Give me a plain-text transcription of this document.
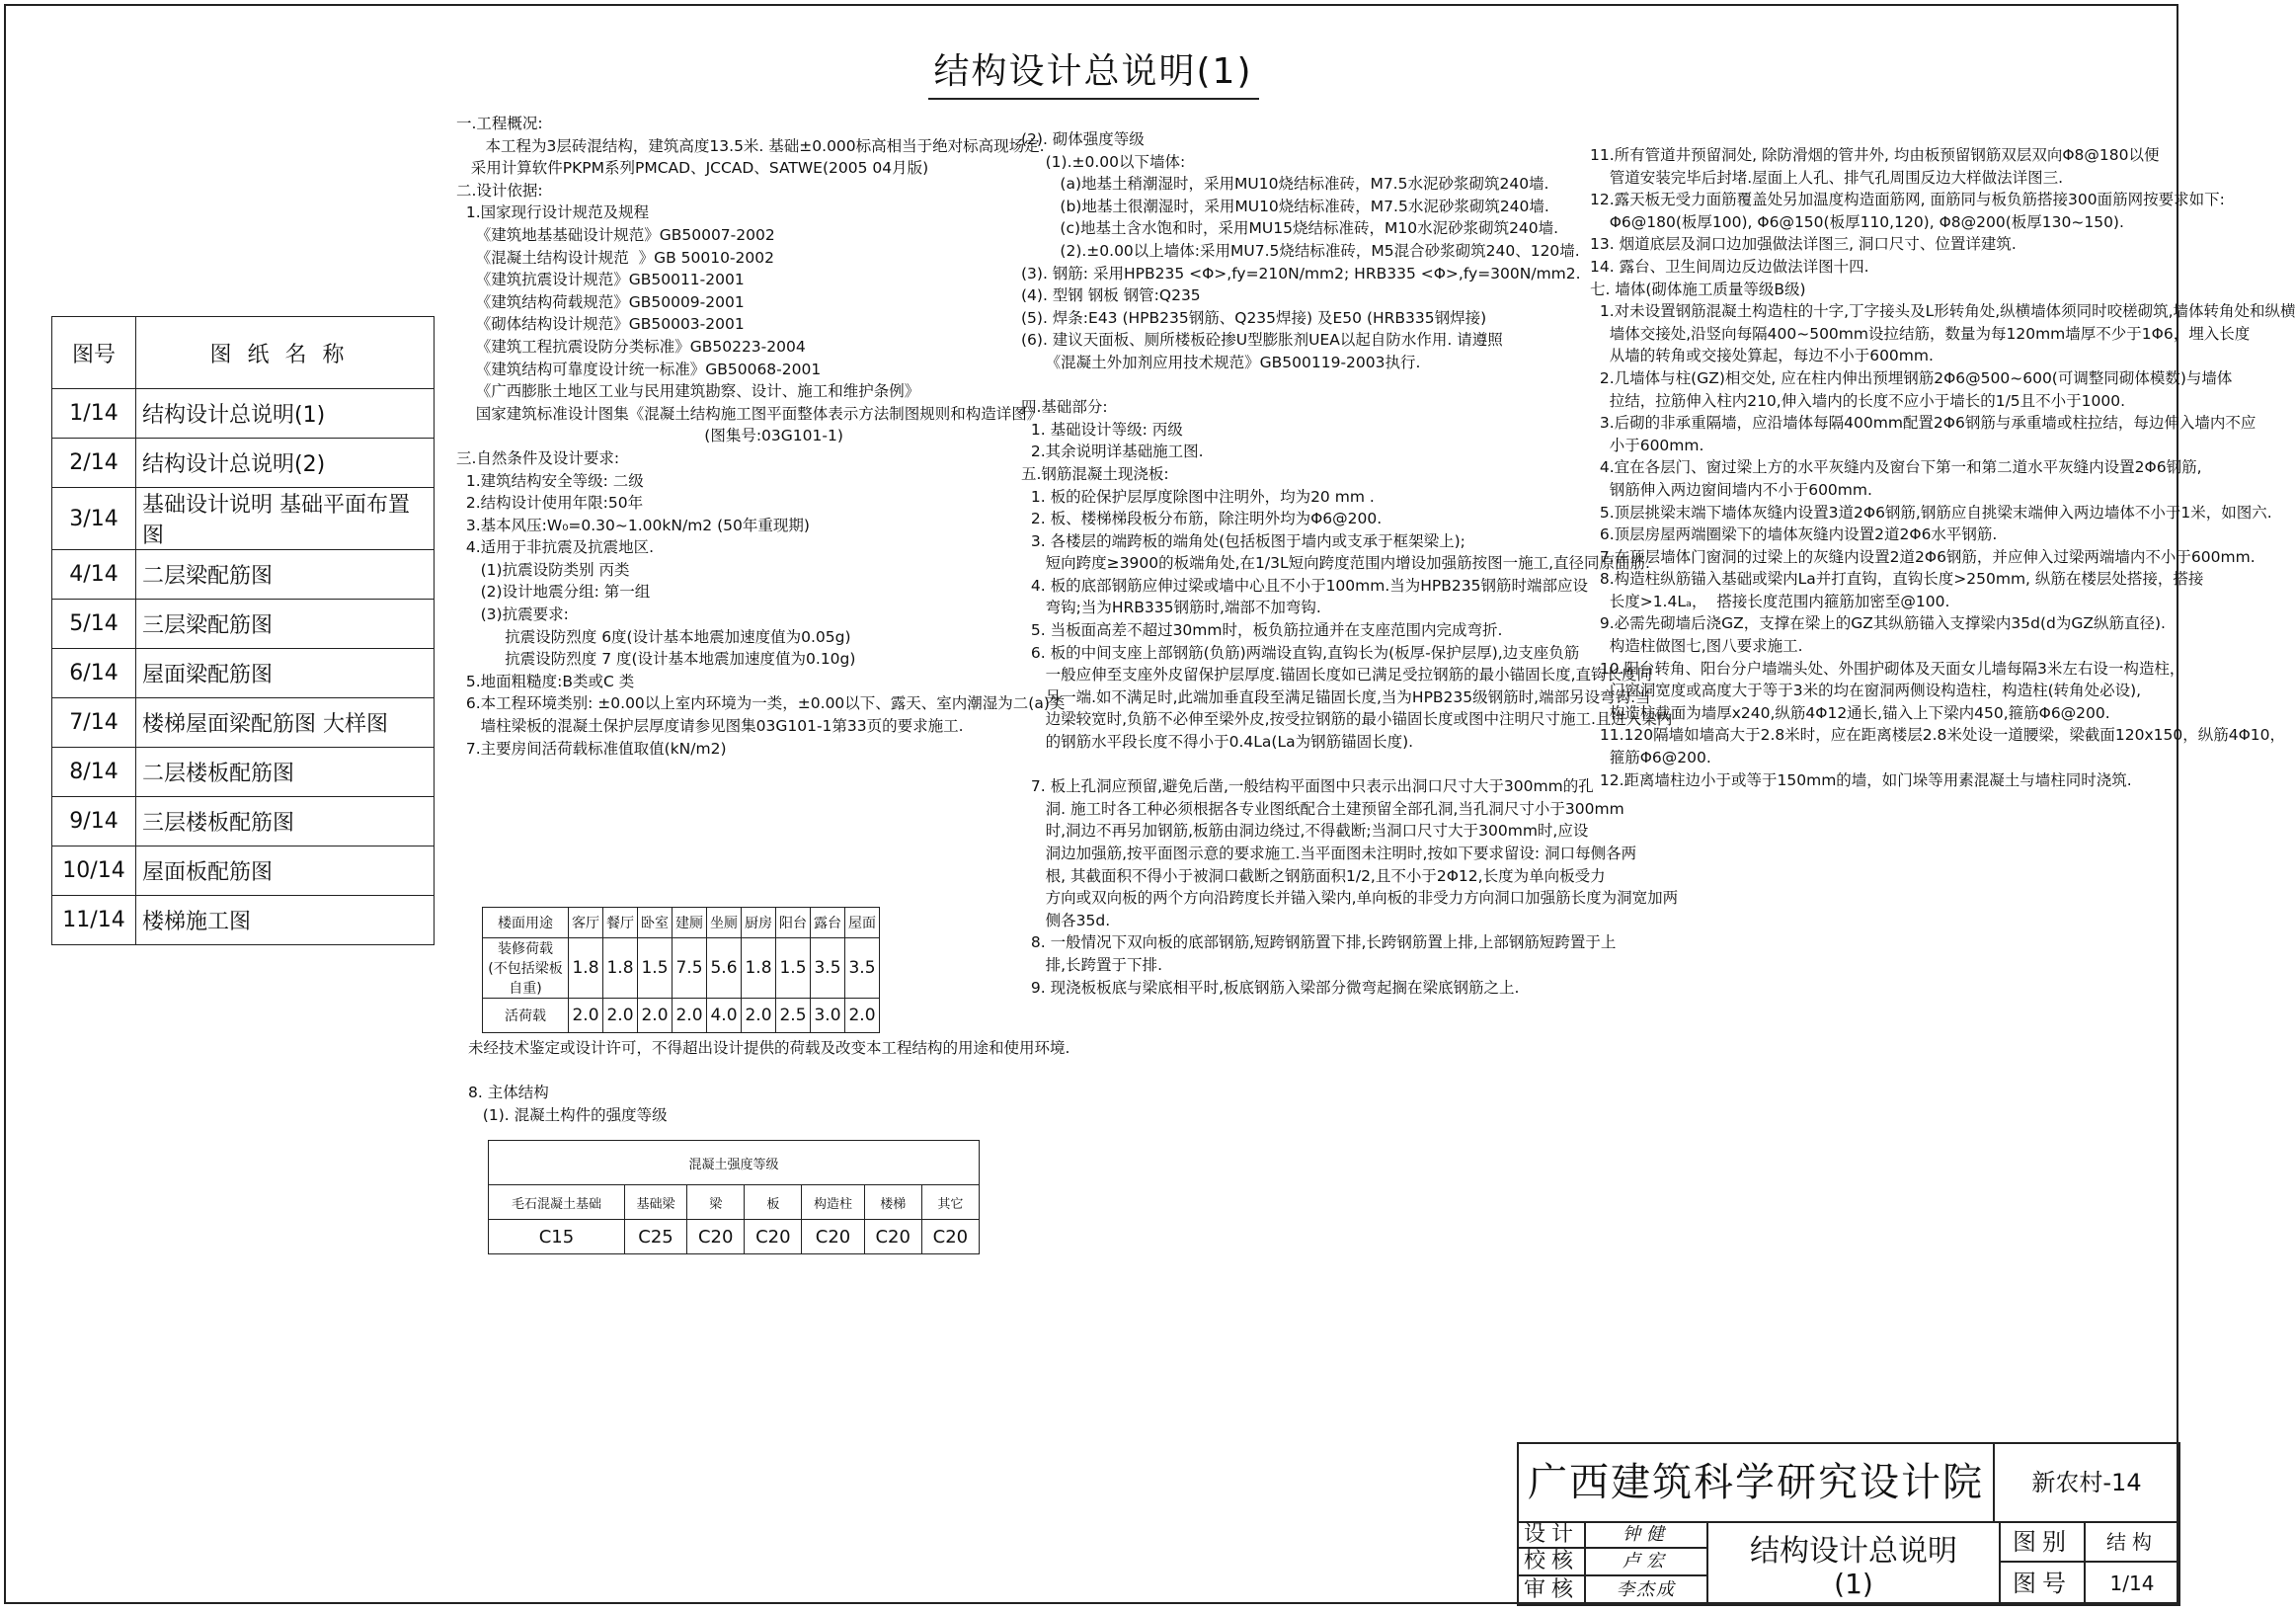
结构设计总说明(1)
图号	图纸名称
1/14	结构设计总说明(1)
2/14	结构设计总说明(2)
3/14	基础设计说明 基础平面布置图
4/14	二层梁配筋图
5/14	三层梁配筋图
6/14	屋面梁配筋图
7/14	楼梯屋面梁配筋图 大样图
8/14	二层楼板配筋图
9/14	三层楼板配筋图
10/14	屋面板配筋图
11/14	楼梯施工图
一.工程概况:
本工程为3层砖混结构，建筑高度13.5米. 基础±0.000标高相当于绝对标高现场定.
采用计算软件PKPM系列PMCAD、JCCAD、SATWE(2005 04月版)
二.设计依据:
1.国家现行设计规范及规程
《建筑地基基础设计规范》GB50007-2002
《混凝土结构设计规范  》GB 50010-2002
《建筑抗震设计规范》GB50011-2001
《建筑结构荷载规范》GB50009-2001
《砌体结构设计规范》GB50003-2001
《建筑工程抗震设防分类标准》GB50223-2004
《建筑结构可靠度设计统一标准》GB50068-2001
《广西膨胀土地区工业与民用建筑勘察、设计、施工和维护条例》
国家建筑标准设计图集《混凝土结构施工图平面整体表示方法制图规则和构造详图》
(图集号:03G101-1)
三.自然条件及设计要求:
1.建筑结构安全等级: 二级
2.结构设计使用年限:50年
3.基本风压:W₀=0.30~1.00kN/m2 (50年重现期)
4.适用于非抗震及抗震地区.
(1)抗震设防类别 丙类
(2)设计地震分组: 第一组
(3)抗震要求:
抗震设防烈度 6度(设计基本地震加速度值为0.05g)
抗震设防烈度 7 度(设计基本地震加速度值为0.10g)
5.地面粗糙度:B类或C 类
6.本工程环境类别: ±0.00以上室内环境为一类，±0.00以下、露天、室内潮湿为二(a)类
墙柱梁板的混凝土保护层厚度请参见图集03G101-1第33页的要求施工.
7.主要房间活荷载标准值取值(kN/m2)
楼面用途	客厅	餐厅	卧室	建厕	坐厕	厨房	阳台	露台	屋面

装修荷载
(不包括梁板自重)	1.8	1.8	1.5	7.5	5.6	1.8	1.5	3.5	3.5

活荷载	2.0	2.0	2.0	2.0	4.0	2.0	2.5	3.0	2.0
未经技术鉴定或设计许可，不得超出设计提供的荷载及改变本工程结构的用途和使用环境.
8. 主体结构
(1). 混凝土构件的强度等级
混凝土强度等级						
毛石混凝土基础	基础梁	梁	板	构造柱	楼梯	其它
C15	C25	C20	C20	C20	C20	C20
(2). 砌体强度等级
(1).±0.00以下墙体:
(a)地基土稍潮湿时，采用MU10烧结标准砖，M7.5水泥砂浆砌筑240墙.
(b)地基土很潮湿时，采用MU10烧结标准砖，M7.5水泥砂浆砌筑240墙.
(c)地基土含水饱和时，采用MU15烧结标准砖，M10水泥砂浆砌筑240墙.
(2).±0.00以上墙体:采用MU7.5烧结标准砖，M5混合砂浆砌筑240、120墙.
(3). 钢筋: 采用HPB235 <Φ>,fy=210N/mm2; HRB335 <Φ>,fy=300N/mm2.
(4). 型钢 钢板 钢管:Q235
(5). 焊条:E43 (HPB235钢筋、Q235焊接) 及E50 (HRB335钢焊接)
(6). 建议天面板、厕所楼板砼掺U型膨胀剂UEA以起自防水作用. 请遵照
《混凝土外加剂应用技术规范》GB500119-2003执行.
四.基础部分:
1. 基础设计等级: 丙级
2.其余说明详基础施工图.
五.钢筋混凝土现浇板:
1. 板的砼保护层厚度除图中注明外，均为20 mm .
2. 板、楼梯梯段板分布筋，除注明外均为Φ6@200.
3. 各楼层的端跨板的端角处(包括板图于墙内或支承于框架梁上);
短向跨度≥3900的板端角处,在1/3L短向跨度范围内增设加强筋按图一施工,直径同原面筋.
4. 板的底部钢筋应伸过梁或墙中心且不小于100mm.当为HPB235钢筋时端部应设
弯钩;当为HRB335钢筋时,端部不加弯钩.
5. 当板面高差不超过30mm时，板负筋拉通并在支座范围内完成弯折.
6. 板的中间支座上部钢筋(负筋)两端设直钩,直钩长为(板厚-保护层厚),边支座负筋
一般应伸至支座外皮留保护层厚度.锚固长度如已满足受拉钢筋的最小锚固长度,直钩长度同
另一端.如不满足时,此端加垂直段至满足锚固长度,当为HPB235级钢筋时,端部另设弯钩.当
边梁较宽时,负筋不必伸至梁外皮,按受拉钢筋的最小锚固长度或图中注明尺寸施工.且进入梁内
的钢筋水平段长度不得小于0.4La(La为钢筋锚固长度).
7. 板上孔洞应预留,避免后凿,一般结构平面图中只表示出洞口尺寸大于300mm的孔
洞. 施工时各工种必须根据各专业图纸配合土建预留全部孔洞,当孔洞尺寸小于300mm
时,洞边不再另加钢筋,板筋由洞边绕过,不得截断;当洞口尺寸大于300mm时,应设
洞边加强筋,按平面图示意的要求施工.当平面图未注明时,按如下要求留设: 洞口每侧各两
根, 其截面积不得小于被洞口截断之钢筋面积1/2,且不小于2Φ12,长度为单向板受力
方向或双向板的两个方向沿跨度长并锚入梁内,单向板的非受力方向洞口加强筋长度为洞宽加两
侧各35d.
8. 一般情况下双向板的底部钢筋,短跨钢筋置下排,长跨钢筋置上排,上部钢筋短跨置于上
排,长跨置于下排.
9. 现浇板板底与梁底相平时,板底钢筋入梁部分微弯起搁在梁底钢筋之上.
11.所有管道井预留洞处, 除防滑烟的管井外, 均由板预留钢筋双层双向Φ8@180以便
管道安装完毕后封堵.屋面上人孔、排气孔周围反边大样做法详图三.
12.露天板无受力面筋覆盖处另加温度构造面筋网, 面筋同与板负筋搭接300面筋网按要求如下:
Φ6@180(板厚100), Φ6@150(板厚110,120), Φ8@200(板厚130~150).
13. 烟道底层及洞口边加强做法详图三, 洞口尺寸、位置详建筑.
14. 露台、卫生间周边反边做法详图十四.
七. 墙体(砌体施工质量等级B级)
1.对未设置钢筋混凝土构造柱的十字,丁字接头及L形转角处,纵横墙体须同时咬槎砌筑,墙体转角处和纵横
墙体交接处,沿竖向每隔400~500mm设拉结筋，数量为每120mm墙厚不少于1Φ6，埋入长度
从墙的转角或交接处算起，每边不小于600mm.
2.几墙体与柱(GZ)相交处, 应在柱内伸出预埋钢筋2Φ6@500~600(可调整同砌体模数)与墙体
拉结，拉筋伸入柱内210,伸入墙内的长度不应小于墙长的1/5且不小于1000.
3.后砌的非承重隔墙，应沿墙体每隔400mm配置2Φ6钢筋与承重墙或柱拉结，每边伸入墙内不应
小于600mm.
4.宜在各层门、窗过梁上方的水平灰缝内及窗台下第一和第二道水平灰缝内设置2Φ6钢筋,
钢筋伸入两边窗间墙内不小于600mm.
5.顶层挑梁末端下墙体灰缝内设置3道2Φ6钢筋,钢筋应自挑梁末端伸入两边墙体不小于1米，如图六.
6.顶层房屋两端圈梁下的墙体灰缝内设置2道2Φ6水平钢筋.
7.在顶层墙体门窗洞的过梁上的灰缝内设置2道2Φ6钢筋，并应伸入过梁两端墙内不小于600mm.
8.构造柱纵筋锚入基础或梁内La并打直钩，直钩长度>250mm, 纵筋在楼层处搭接，搭接
长度>1.4Lₐ，  搭接长度范围内箍筋加密至@100.
9.必需先砌墙后浇GZ，支撑在梁上的GZ其纵筋锚入支撑梁内35d(d为GZ纵筋直径).
构造柱做图七,图八要求施工.
10.阳台转角、阳台分户墙端头处、外围护砌体及天面女儿墙每隔3米左右设一构造柱，
门窗洞宽度或高度大于等于3米的均在窗洞两侧设构造柱，构造柱(转角处必设),
构造柱截面为墙厚x240,纵筋4Φ12通长,锚入上下梁内450,箍筋Φ6@200.
11.120隔墙如墙高大于2.8米时，应在距离楼层2.8米处设一道腰梁，梁截面120x150，纵筋4Φ10，
箍筋Φ6@200.
12.距离墙柱边小于或等于150mm的墙，如门垛等用素混凝土与墙柱同时浇筑.
广西建筑科学研究设计院	新农村-14
设计	钟健
校核	卢宏
审核	李杰成
结构设计总说明
(1)
图别	结构
图号	1/14
